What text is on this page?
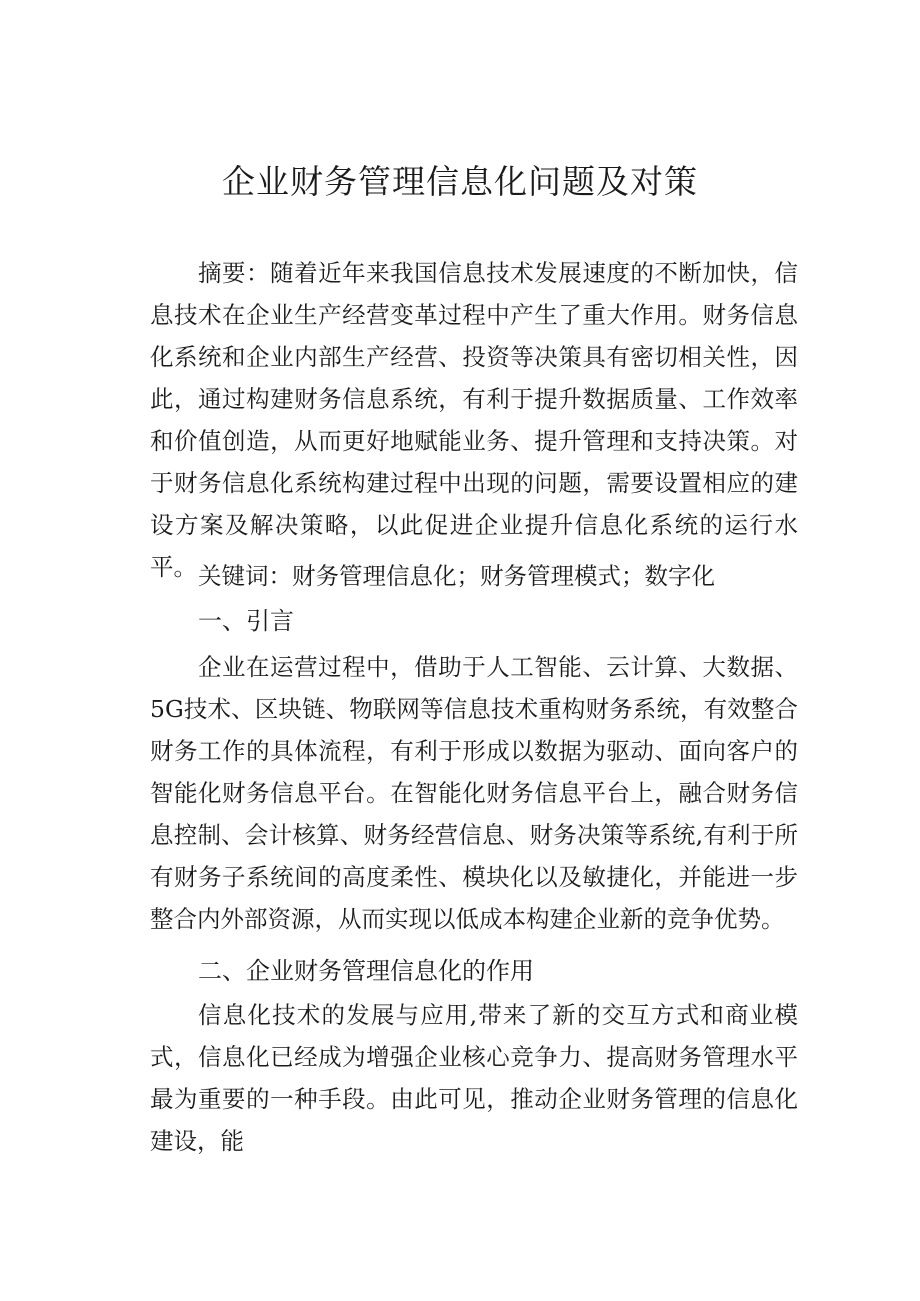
企业财务管理信息化问题及对策

摘要：随着近年来我国信息技术发展速度的不断加快，信息技术在企业生产经营变革过程中产生了重大作用。财务信息化系统和企业内部生产经营、投资等决策具有密切相关性，因此，通过构建财务信息系统，有利于提升数据质量、工作效率和价值创造，从而更好地赋能业务、提升管理和支持决策。对于财务信息化系统构建过程中出现的问题，需要设置相应的建设方案及解决策略，以此促进企业提升信息化系统的运行水平。 关键词：财务管理信息化；财务管理模式；数字化

一、引言

企业在运营过程中，借助于人工智能、云计算、大数据、5G技术、区块链、物联网等信息技术重构财务系统，有效整合财务工作的具体流程，有利于形成以数据为驱动、面向客户的智能化财务信息平台。在智能化财务信息平台上，融合财务信息控制、会计核算、财务经营信息、财务决策等系统,有利于所有财务子系统间的高度柔性、模块化以及敏捷化，并能进一步整合内外部资源，从而实现以低成本构建企业新的竞争优势。

二、企业财务管理信息化的作用

信息化技术的发展与应用,带来了新的交互方式和商业模式，信息化已经成为增强企业核心竞争力、提高财务管理水平最为重要的一种手段。由此可见，推动企业财务管理的信息化建设，能
